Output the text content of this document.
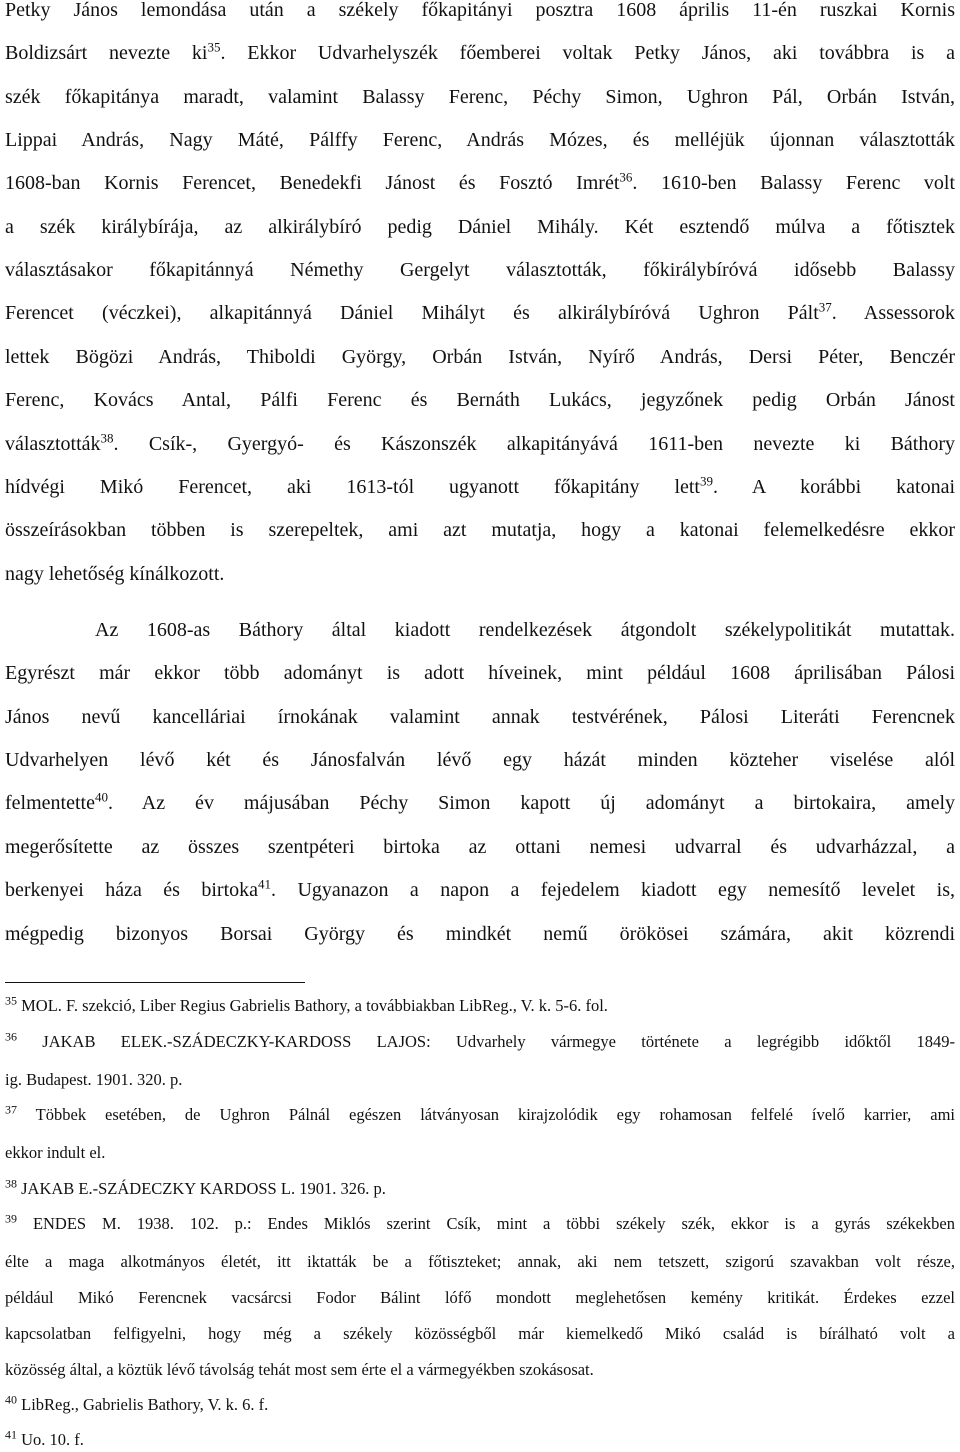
Petky János lemondása után a székely főkapitányi posztra 1608 április 11-én ruszkai Kornis

Boldizsárt nevezte $ki^{35}$. Ekkor Udvarhelyszék főemberei voltak Petky János, aki továbbra is a

szék főkapitánya maradt, valamint Balassy Ferenc, Péchy Simon, Ughron Pál, Orbán István,

Lippai András, Nagy Máté, Pálffy Ferenc, András Mózes, és melléjük újonnan választották

1608-ban Kornis Ferencet, Benedekfi Jánost és Fosztó Imrét$^{36}$. 1610-ben Balassy Ferenc volt

a szék királybírája, az alkirálybíró pedig Dániel Mihály. Két esztendő múlva a főtisztek

választásakor főkapitánnyá Némethy Gergelyt választották, főkirálybíróvá idősebb Balassy

Ferencet (véczkei), alkapitánnyá Dániel Mihályt és alkirálybíróvá Ughron Pált$^{37}$. Assessorok

lettek Bögözi András, Thiboldi György, Orbán István, Nyírő András, Dersi Péter, Benczér

Ferenc, Kovács Antal, Pálfi Ferenc és Bernáth Lukács, jegyzőnek pedig Orbán Jánost

választották$^{38}$. Csík-, Gyergyó- és Kászonszék alkapitányává 1611-ben nevezte ki Báthory

hídvégi Mikó Ferencet, aki 1613-tól ugyanott főkapitány lett$^{39}$. A korábbi katonai

összeírásokban többen is szerepeltek, ami azt mutatja, hogy a katonai felemelkedésre ekkor

nagy lehetőség kínálkozott.

Az 1608-as Báthory által kiadott rendelkezések átgondolt székelypolitikát mutattak.

Egyrészt már ekkor több adományt is adott híveinek, mint például 1608 áprilisában Pálosi

János nevű kancelláriai írnokának valamint annak testvérének, Pálosi Literáti Ferencnek

Udvarhelyen lévő két és Jánosfalván lévő egy házát minden közteher viselése alól

felmentette$^{40}$. Az év májusában Péchy Simon kapott új adományt a birtokaira, amely

megerősítette az összes szentpéteri birtoka az ottani nemesi udvarral és udvarházzal, a

berkenyei háza és birtoka$^{41}$. Ugyanazon a napon a fejedelem kiadott egy nemesítő levelet is,

mégpedig bizonyos Borsai György és mindkét nemű örökösei számára, akit közrendi

$^{35}$ MOL. F. szekció, Liber Regius Gabrielis Bathory, a továbbiakban LibReg., V. k. 5-6. fol.

$^{36}$ JAKAB ELEK.-SZÁDECZKY-KARDOSS LAJOS: Udvarhely vármegye története a legrégibb időktől 1849-

ig. Budapest. 1901. 320. p.

$^{37}$ Többek esetében, de Ughron Pálnál egészen látványosan kirajzolódik egy rohamosan felfelé ívelő karrier, ami

ekkor indult el.

$^{38}$ JAKAB E.-SZÁDECZKY KARDOSS L. 1901. 326. p.

$^{39}$ ENDES M. 1938. 102. p.: Endes Miklós szerint Csík, mint a többi székely szék, ekkor is a gyrás székekben

élte a maga alkotmányos életét, itt iktatták be a főtiszteket; annak, aki nem tetszett, szigorú szavakban volt része,

például Mikó Ferencnek vacsárcsi Fodor Bálint lófő mondott meglehetősen kemény kritikát. Érdekes ezzel

kapcsolatban felfigyelni, hogy még a székely közösségből már kiemelkedő Mikó család is bírálható volt a

közösség által, a köztük lévő távolság tehát most sem érte el a vármegyékben szokásosat.

$^{40}$ LibReg., Gabrielis Bathory, V. k. 6. f.

$^{41}$ Uo. 10. f.
